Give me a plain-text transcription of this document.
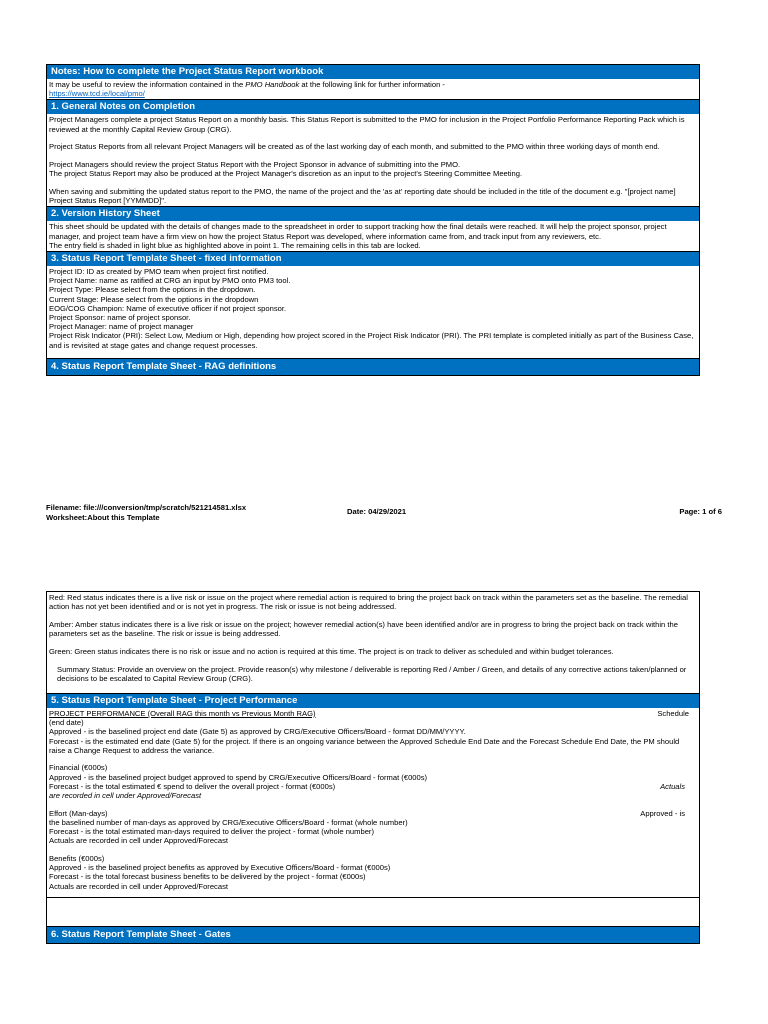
Notes: How to complete the Project Status Report workbook

It may be useful to review the information contained in the PMO Handbook at the following link for further information -

https://www.tcd.ie/local/pmo/

1. General Notes on Completion

Project Managers complete a project Status Report on a monthly basis. This Status Report is submitted to the PMO for inclusion in the Project Portfolio Performance Reporting Pack which is reviewed at the monthly Capital Review Group (CRG).

Project Status Reports from all relevant Project Managers will be created as of the last working day of each month, and submitted to the PMO within three working days of month end.

Project Managers should review the project Status Report with the Project Sponsor in advance of submitting into the PMO.

The project Status Report may also be produced at the Project Manager's discretion as an input to the project's Steering Committee Meeting.

When saving and submitting the updated status report to the PMO, the name of the project and the 'as at' reporting date should be included in the title of the document e.g. "[project name] Project Status Report [YYMMDD]".

2. Version History Sheet

This sheet should be updated with the details of changes made to the spreadsheet in order to support tracking how the final details were reached. It will help the project sponsor, project manager, and project team have a firm view on how the project Status Report was developed, where information came from, and track input from any reviewers, etc.

The entry field is shaded in light blue as highlighted above in point 1. The remaining cells in this tab are locked.

3. Status Report Template Sheet - fixed information

Project ID: ID as created by PMO team when project first notified.

Project Name: name as ratified at CRG an input by PMO onto PM3 tool.

Project Type: Please select from the options in the dropdown.

Current Stage: Please select from the options in the dropdown

EOG/COG Champion: Name of executive officer if not project sponsor.

Project Sponsor: name of project sponsor.

Project Manager: name of project manager

Project Risk Indicator (PRI): Select Low, Medium or High, depending how project scored in the Project Risk Indicator (PRI). The PRI template is completed initially as part of the Business Case, and is revisited at stage gates and change request processes.

4. Status Report Template Sheet - RAG definitions
Filename: file:///conversion/tmp/scratch/521214581.xlsx
Worksheet:About this Template
Date: 04/29/2021	Page: 1 of 6

Red: Red status indicates there is a live risk or issue on the project where remedial action is required to bring the project back on track within the parameters set as the baseline. The remedial action has not yet been identified and or is not yet in progress. The risk or issue is not being addressed.

Amber: Amber status indicates there is a live risk or issue on the project; however remedial action(s) have been identified and/or are in progress to bring the project back on track within the parameters set as the baseline. The risk or issue is being addressed.

Green: Green status indicates there is no risk or issue and no action is required at this time. The project is on track to deliver as scheduled and within budget tolerances.

Summary Status: Provide an overview on the project. Provide reason(s) why milestone / deliverable is reporting Red / Amber / Green, and details of any corrective actions taken/planned or decisions to be escalated to Capital Review Group (CRG).

5. Status Report Template Sheet - Project Performance
PROJECT PERFORMANCE (Overall RAG this month vs Previous Month RAG)	Schedule

(end date)

Approved - is the baselined project end date (Gate 5) as approved by CRG/Executive Officers/Board - format DD/MM/YYYY.

Forecast - is the estimated end date (Gate 5) for the project. If there is an ongoing variance between the Approved Schedule End Date and the Forecast Schedule End Date, the PM should raise a Change Request to address the variance.

Financial (€000s)

Approved - is the baselined project budget approved to spend by CRG/Executive Officers/Board - format (€000s)

Forecast - is the total estimated € spend to deliver the overall project - format (€000s)	Actuals

are recorded in cell under Approved/Forecast

Effort (Man-days)	Approved - is

the baselined number of man-days as approved by CRG/Executive Officers/Board - format (whole number)

Forecast - is the total estimated man-days required to deliver the project - format (whole number)

Actuals are recorded in cell under Approved/Forecast

Benefits (€000s)

Approved - is the baselined project benefits as approved by Executive Officers/Board - format (€000s)

Forecast - is the total forecast business benefits to be delivered by the project - format (€000s)

Actuals are recorded in cell under Approved/Forecast

6. Status Report Template Sheet - Gates
